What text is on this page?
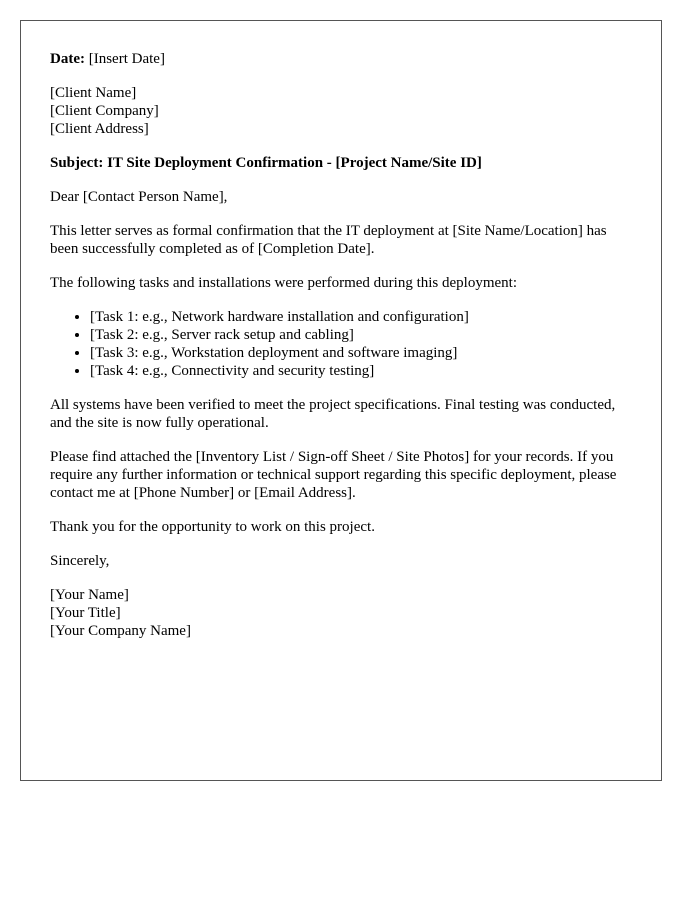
Date: [Insert Date]
[Client Name]
[Client Company]
[Client Address]
Subject: IT Site Deployment Confirmation - [Project Name/Site ID]
Dear [Contact Person Name],
This letter serves as formal confirmation that the IT deployment at [Site Name/Location] has been successfully completed as of [Completion Date].
The following tasks and installations were performed during this deployment:
• [Task 1: e.g., Network hardware installation and configuration]
• [Task 2: e.g., Server rack setup and cabling]
• [Task 3: e.g., Workstation deployment and software imaging]
• [Task 4: e.g., Connectivity and security testing]
All systems have been verified to meet the project specifications. Final testing was conducted, and the site is now fully operational.
Please find attached the [Inventory List / Sign-off Sheet / Site Photos] for your records. If you require any further information or technical support regarding this specific deployment, please contact me at [Phone Number] or [Email Address].
Thank you for the opportunity to work on this project.
Sincerely,
[Your Name]
[Your Title]
[Your Company Name]
